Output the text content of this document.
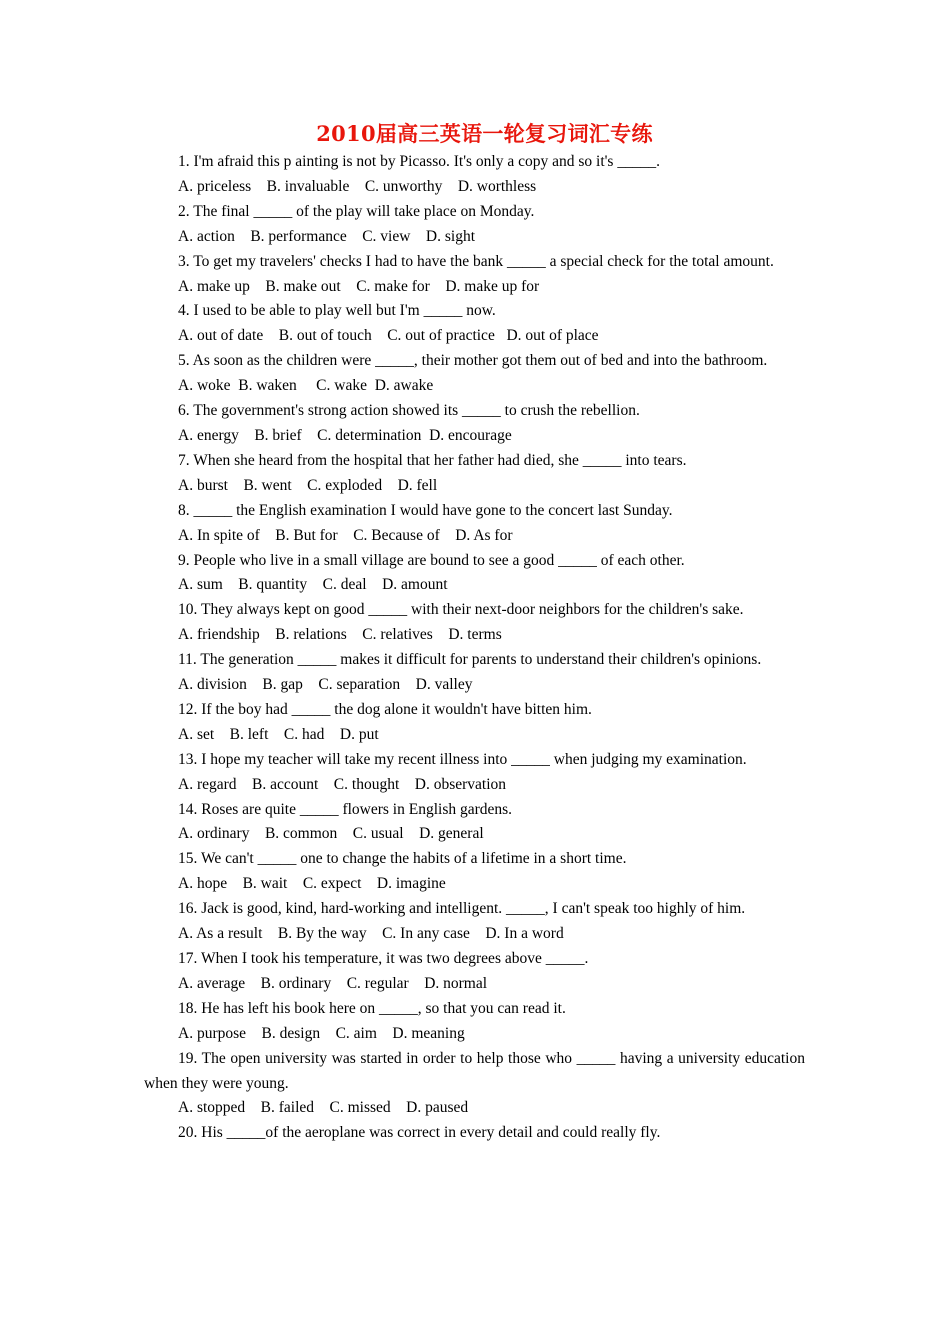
2010届高三英语一轮复习词汇专练

1. I'm afraid this p ainting is not by Picasso. It's only a copy and so it's _____.

A. priceless    B. invaluable    C. unworthy    D. worthless

2. The final _____ of the play will take place on Monday.

A. action    B. performance    C. view    D. sight

3. To get my travelers' checks I had to have the bank _____ a special check for the total amount.

A. make up    B. make out    C. make for    D. make up for

4. I used to be able to play well but I'm _____ now.

A. out of date    B. out of touch    C. out of practice   D. out of place

5. As soon as the children were _____, their mother got them out of bed and into the bathroom.

A. woke  B. waken     C. wake  D. awake

6. The government's strong action showed its _____ to crush the rebellion.

A. energy    B. brief    C. determination  D. encourage

7. When she heard from the hospital that her father had died, she _____ into tears.

A. burst    B. went    C. exploded    D. fell

8. _____ the English examination I would have gone to the concert last Sunday.

A. In spite of    B. But for    C. Because of    D. As for

9. People who live in a small village are bound to see a good _____ of each other.

A. sum    B. quantity    C. deal    D. amount

10. They always kept on good _____ with their next-door neighbors for the children's sake.

A. friendship    B. relations    C. relatives    D. terms

11. The generation _____ makes it difficult for parents to understand their children's opinions.

A. division    B. gap    C. separation    D. valley

12. If the boy had _____ the dog alone it wouldn't have bitten him.

A. set    B. left    C. had    D. put

13. I hope my teacher will take my recent illness into _____ when judging my examination.

A. regard    B. account    C. thought    D. observation

14. Roses are quite _____ flowers in English gardens.

A. ordinary    B. common    C. usual    D. general

15. We can't _____ one to change the habits of a lifetime in a short time.

A. hope    B. wait    C. expect    D. imagine

16. Jack is good, kind, hard-working and intelligent. _____, I can't speak too highly of him.

A. As a result    B. By the way    C. In any case    D. In a word

17. When I took his temperature, it was two degrees above _____.

A. average    B. ordinary    C. regular    D. normal

18. He has left his book here on _____, so that you can read it.

A. purpose    B. design    C. aim    D. meaning

19. The open university was started in order to help those who _____ having a university education when they were young.

A. stopped    B. failed    C. missed    D. paused

20. His _____of the aeroplane was correct in every detail and could really fly.
